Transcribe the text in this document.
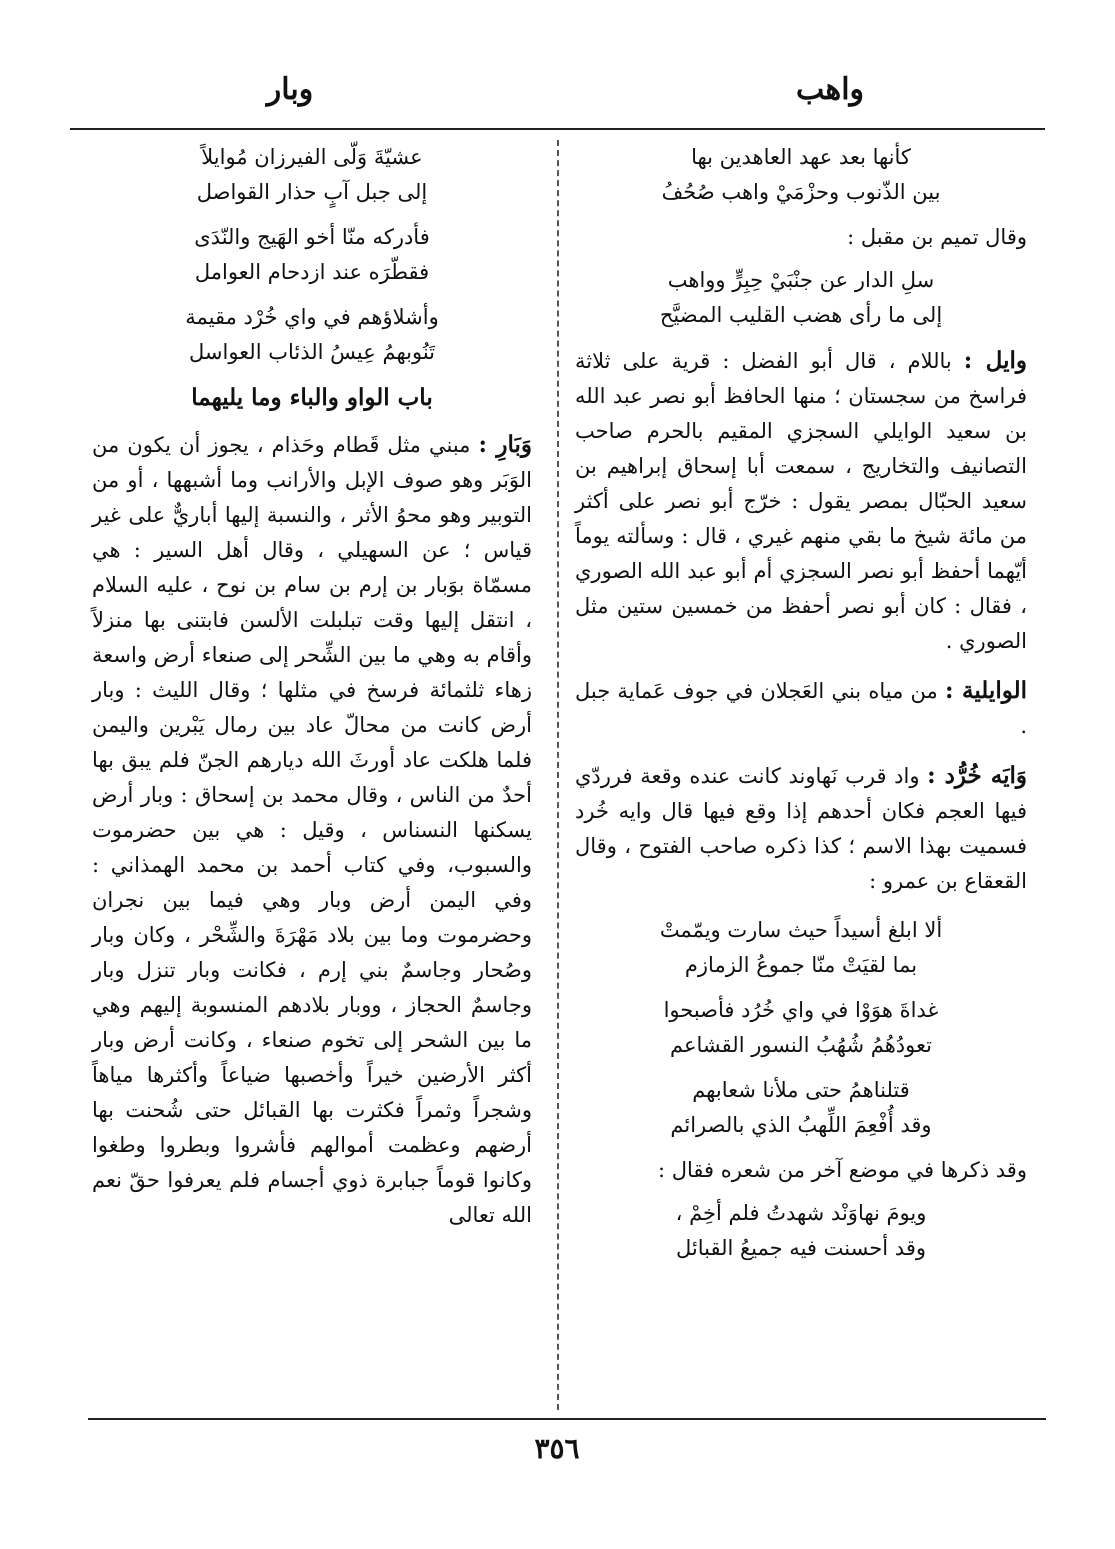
واهب
وبار
كأنها بعد عهد العاهدين بها
بين الذّنوب وحزْمَيْ واهب صُحُفُ
وقال تميم بن مقبل :
سلِ الدار عن جنْبَيْ حِبِرٍّ وواهب
إلى ما رأى هضب القليب المضيَّح

وايل : باللام ، قال أبو الفضل : قرية على ثلاثة فراسخ من سجستان ؛ منها الحافظ أبو نصر عبد الله بن سعيد الوايلي السجزي المقيم بالحرم صاحب التصانيف والتخاريج ، سمعت أبا إسحاق إبراهيم بن سعيد الحبّال بمصر يقول : خرّج أبو نصر على أكثر من مائة شيخ ما بقي منهم غيري ، قال : وسألته يوماً أيّهما أحفظ أبو نصر السجزي أم أبو عبد الله الصوري ، فقال : كان أبو نصر أحفظ من خمسين ستين مثل الصوري .

الوايلية : من مياه بني العَجلان في جوف عَماية جبل .

وَايَه خُرُّد : واد قرب نَهاوند كانت عنده وقعة فرردّي فيها العجم فكان أحدهم إذا وقع فيها قال وايه خُرد فسميت بهذا الاسم ؛ كذا ذكره صاحب الفتوح ، وقال القعقاع بن عمرو :

ألا ابلغ أسيداً حيث سارت ويمّمتْ
بما لقيَتْ منّا جموعُ الزمازم
غداةَ هوَوْا في واي خُرُد فأصبحوا
تعودُهُمُ شُهُبُ النسور القشاعم
قتلناهمُ حتى ملأنا شعابهم
وقد أُفْعِمَ اللِّهبُ الذي بالصرائم
وقد ذكرها في موضع آخر من شعره فقال :
ويومَ نهاوَنْد شهدتُ فلم أخِمْ ،
وقد أحسنت فيه جميعُ القبائل
عشيّةَ وَلّى الفيرزان مُوايلاً
إلى جبل آبٍ حذار القواصل
فأدركه منّا أخو الهَيج والنّدَى
فقطّرَه عند ازدحام العوامل
وأشلاؤهم في واي خُرْد مقيمة
تَنُوبهمُ عِيسُ الذئاب العواسل
باب الواو والباء وما يليهما

وَبَارِ : مبني مثل قَطام وحَذام ، يجوز أن يكون من الوَبَر وهو صوف الإبل والأرانب وما أشبهها ، أو من التوبير وهو محوُ الأثر ، والنسبة إليها أباريٌّ على غير قياس ؛ عن السهيلي ، وقال أهل السير : هي مسمّاة بوَبار بن إرم بن سام بن نوح ، عليه السلام ، انتقل إليها وقت تبلبلت الألسن فابتنى بها منزلاً وأقام به وهي ما بين الشِّحر إلى صنعاء أرض واسعة زهاء ثلثمائة فرسخ في مثلها ؛ وقال الليث : وبار أرض كانت من محالّ عاد بين رمال يَبْرين واليمن فلما هلكت عاد أورثَ الله ديارهم الجنّ فلم يبق بها أحدٌ من الناس ، وقال محمد بن إسحاق : وبار أرض يسكنها النسناس ، وقيل : هي بين حضرموت والسبوب، وفي كتاب أحمد بن محمد الهمذاني : وفي اليمن أرض وبار وهي فيما بين نجران وحضرموت وما بين بلاد مَهْرَةَ والشِّحْر ، وكان وبار وصُحار وجاسمٌ بني إرم ، فكانت وبار تنزل وبار وجاسمٌ الحجاز ، ووبار بلادهم المنسوبة إليهم وهي ما بين الشحر إلى تخوم صنعاء ، وكانت أرض وبار أكثر الأرضين خيراً وأخصبها ضياعاً وأكثرها مياهاً وشجراً وثمراً فكثرت بها القبائل حتى شُحنت بها أرضهم وعظمت أموالهم فأشروا وبطروا وطغوا وكانوا قوماً جبابرة ذوي أجسام فلم يعرفوا حقّ نعم الله تعالى

٣٥٦
